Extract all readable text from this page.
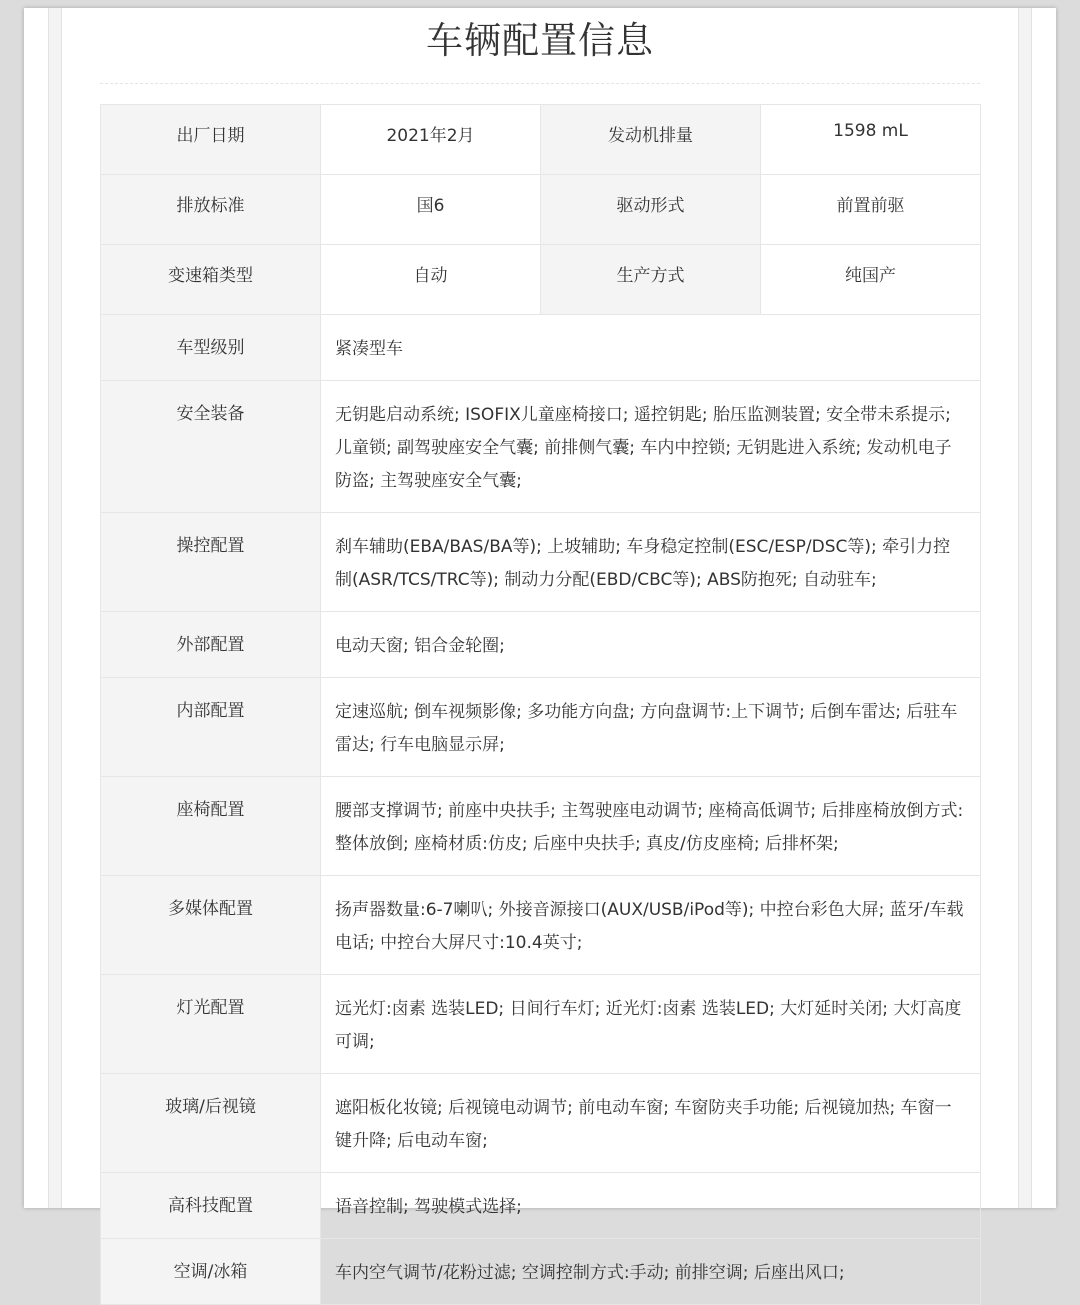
车辆配置信息
出厂日期	2021年2月	发动机排量	1598 mL
排放标准	国6	驱动形式	前置前驱
变速箱类型	自动	生产方式	纯国产
车型级别	紧凑型车		
安全装备	无钥匙启动系统; ISOFIX儿童座椅接口; 遥控钥匙; 胎压监测装置; 安全带未系提示; 儿童锁; 副驾驶座安全气囊; 前排侧气囊; 车内中控锁; 无钥匙进入系统; 发动机电子防盗; 主驾驶座安全气囊;		
操控配置	刹车辅助(EBA/BAS/BA等); 上坡辅助; 车身稳定控制(ESC/ESP/DSC等); 牵引力控制(ASR/TCS/TRC等); 制动力分配(EBD/CBC等); ABS防抱死; 自动驻车;		
外部配置	电动天窗; 铝合金轮圈;		
内部配置	定速巡航; 倒车视频影像; 多功能方向盘; 方向盘调节:上下调节; 后倒车雷达; 后驻车雷达; 行车电脑显示屏;		
座椅配置	腰部支撑调节; 前座中央扶手; 主驾驶座电动调节; 座椅高低调节; 后排座椅放倒方式:整体放倒; 座椅材质:仿皮; 后座中央扶手; 真皮/仿皮座椅; 后排杯架;		
多媒体配置	扬声器数量:6-7喇叭; 外接音源接口(AUX/USB/iPod等); 中控台彩色大屏; 蓝牙/车载电话; 中控台大屏尺寸:10.4英寸;		
灯光配置	远光灯:卤素 选装LED; 日间行车灯; 近光灯:卤素 选装LED; 大灯延时关闭; 大灯高度可调;		
玻璃/后视镜	遮阳板化妆镜; 后视镜电动调节; 前电动车窗; 车窗防夹手功能; 后视镜加热; 车窗一键升降; 后电动车窗;		
高科技配置	语音控制; 驾驶模式选择;		
空调/冰箱	车内空气调节/花粉过滤; 空调控制方式:手动; 前排空调; 后座出风口;		
